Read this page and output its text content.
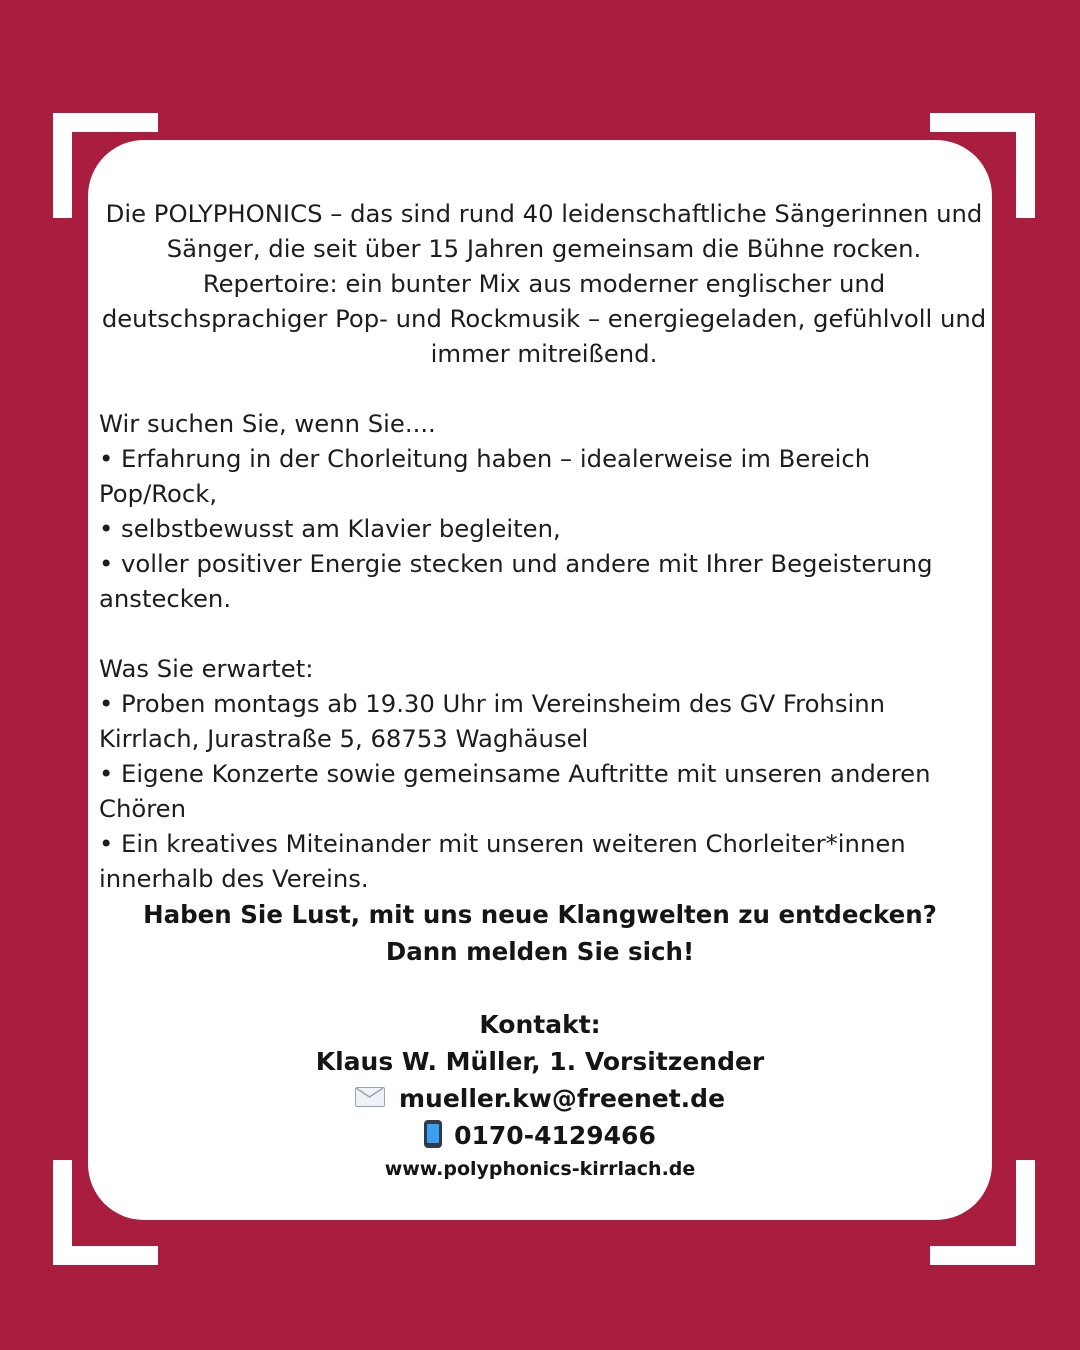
Die POLYPHONICS – das sind rund 40 leidenschaftliche Sängerinnen und Sänger, die seit über 15 Jahren gemeinsam die Bühne rocken. Repertoire: ein bunter Mix aus moderner englischer und deutschsprachiger Pop- und Rockmusik – energiegeladen, gefühlvoll und immer mitreißend.

Wir suchen Sie, wenn Sie....

• Erfahrung in der Chorleitung haben – idealerweise im Bereich Pop/Rock,

• selbstbewusst am Klavier begleiten,

• voller positiver Energie stecken und andere mit Ihrer Begeisterung anstecken.

Was Sie erwartet:

• Proben montags ab 19.30 Uhr im Vereinsheim des GV Frohsinn Kirrlach, Jurastraße 5, 68753 Waghäusel

• Eigene Konzerte sowie gemeinsame Auftritte mit unseren anderen Chören

• Ein kreatives Miteinander mit unseren weiteren Chorleiter*innen innerhalb des Vereins.

Haben Sie Lust, mit uns neue Klangwelten zu entdecken?

Dann melden Sie sich!

Kontakt:

Klaus W. Müller, 1. Vorsitzender

mueller.kw@freenet.de

0170-4129466

www.polyphonics-kirrlach.de
